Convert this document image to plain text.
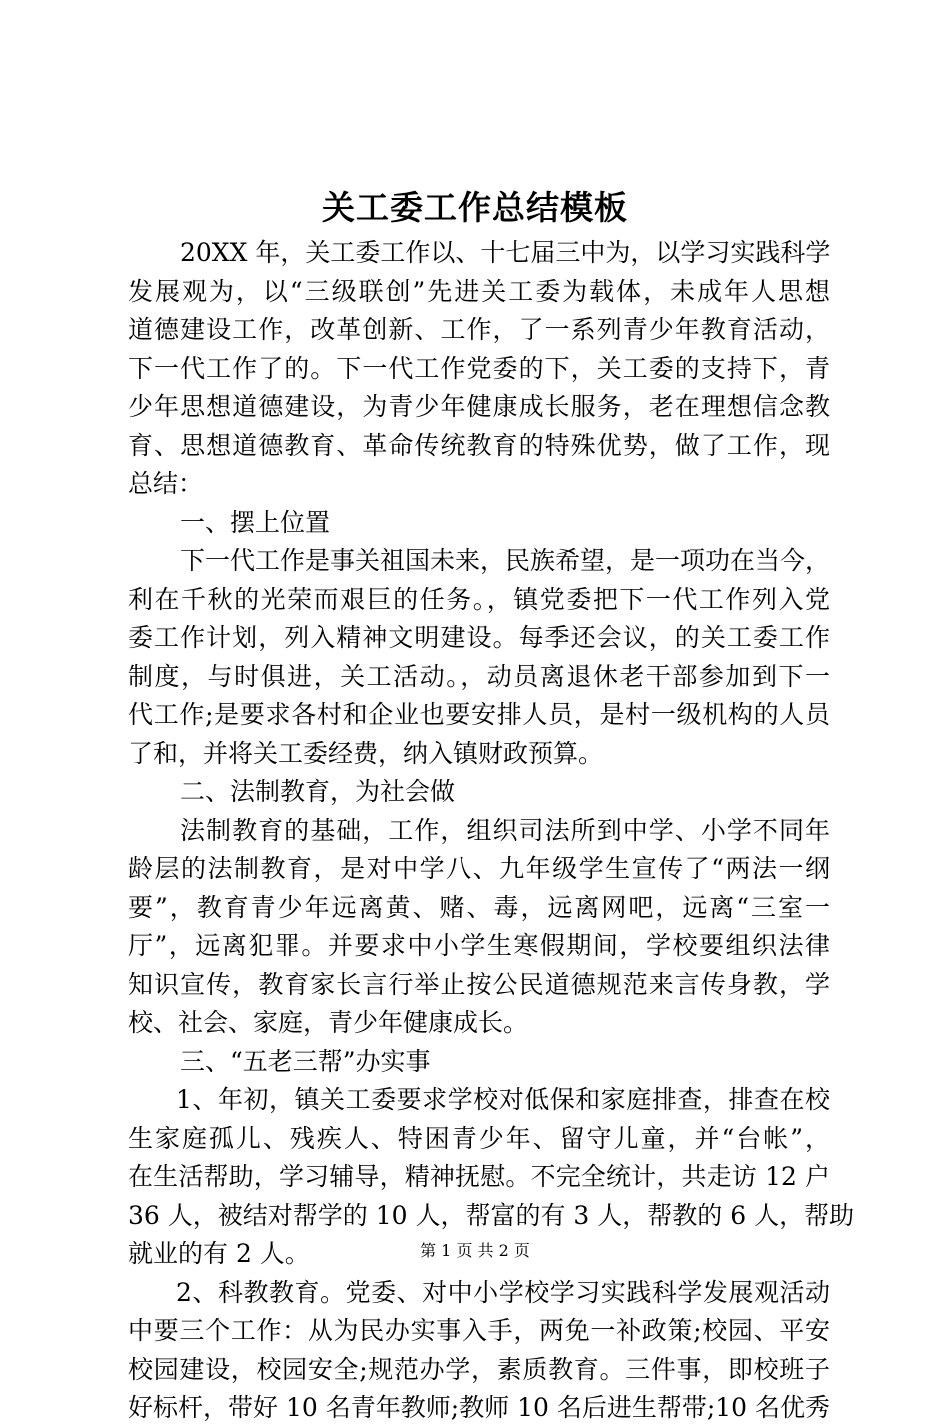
关工委工作总结模板
20XX 年，关工委工作以、十七届三中为，以学习实践科学
发展观为，以“三级联创”先进关工委为载体，未成年人思想
道德建设工作，改革创新、工作，了一系列青少年教育活动，
下一代工作了的。下一代工作党委的下，关工委的支持下，青
少年思想道德建设，为青少年健康成长服务，老在理想信念教
育、思想道德教育、革命传统教育的特殊优势，做了工作，现
总结：
一、摆上位置
下一代工作是事关祖国未来，民族希望，是一项功在当今，
利在千秋的光荣而艰巨的任务。，镇党委把下一代工作列入党
委工作计划，列入精神文明建设。每季还会议，的关工委工作
制度，与时俱进，关工活动。，动员离退休老干部参加到下一
代工作;是要求各村和企业也要安排人员，是村一级机构的人员
了和，并将关工委经费，纳入镇财政预算。
二、法制教育，为社会做
法制教育的基础，工作，组织司法所到中学、小学不同年
龄层的法制教育，是对中学八、九年级学生宣传了“两法一纲
要”，教育青少年远离黄、赌、毒，远离网吧，远离“三室一
厅”，远离犯罪。并要求中小学生寒假期间，学校要组织法律
知识宣传，教育家长言行举止按公民道德规范来言传身教，学
校、社会、家庭，青少年健康成长。
三、“五老三帮”办实事
1、年初，镇关工委要求学校对低保和家庭排查，排查在校
生家庭孤儿、残疾人、特困青少年、留守儿童，并“台帐”，
在生活帮助，学习辅导，精神抚慰。不完全统计，共走访 12 户
36 人，被结对帮学的 10 人，帮富的有 3 人，帮教的 6 人，帮助
就业的有 2 人。
2、科教教育。党委、对中小学校学习实践科学发展观活动
中要三个工作：从为民办实事入手，两免一补政策;校园、平安
校园建设，校园安全;规范办学，素质教育。三件事，即校班子
好标杆，带好 10 名青年教师;教师 10 名后进生帮带;10 名优秀
第 1 页 共 2 页
